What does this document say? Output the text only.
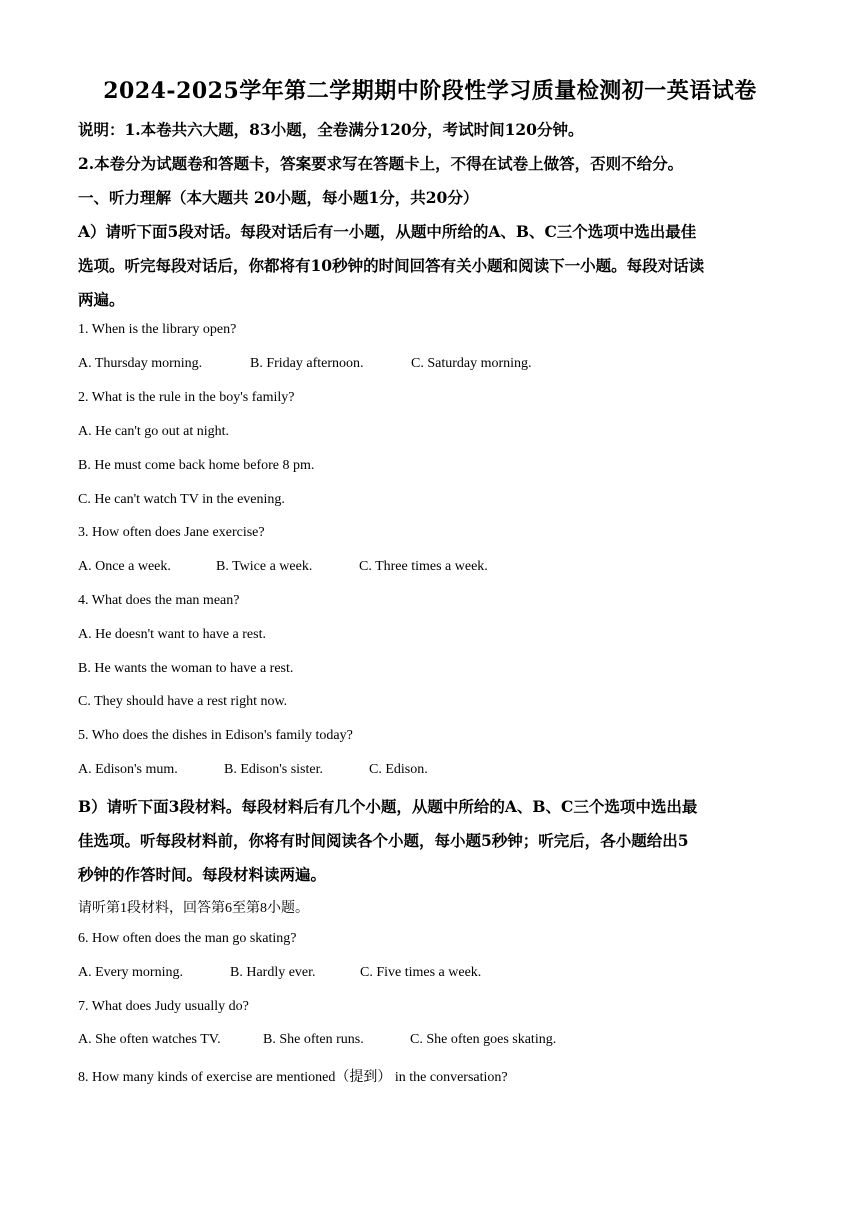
2024-2025学年第二学期期中阶段性学习质量检测初一英语试卷
说明：1.本卷共六大题，83小题，全卷满分120分，考试时间120分钟。
2.本卷分为试题卷和答题卡，答案要求写在答题卡上，不得在试卷上做答，否则不给分。
一、听力理解（本大题共 20小题，每小题1分，共20分）
A）请听下面5段对话。每段对话后有一小题，从题中所给的A、B、C三个选项中选出最佳
选项。听完每段对话后，你都将有10秒钟的时间回答有关小题和阅读下一小题。每段对话读
两遍。
1. When is the library open?
A. Thursday morning.	B. Friday afternoon.	C. Saturday morning.
2. What is the rule in the boy's family?
A. He can't go out at night.
B. He must come back home before 8 pm.
C. He can't watch TV in the evening.
3. How often does Jane exercise?
A. Once a week.	B. Twice a week.	C. Three times a week.
4. What does the man mean?
A. He doesn't want to have a rest.
B. He wants the woman to have a rest.
C. They should have a rest right now.
5. Who does the dishes in Edison's family today?
A. Edison's mum.	B. Edison's sister.	C. Edison.
B）请听下面3段材料。每段材料后有几个小题，从题中所给的A、B、C三个选项中选出最
佳选项。听每段材料前，你将有时间阅读各个小题，每小题5秒钟；听完后，各小题给出5
秒钟的作答时间。每段材料读两遍。
请听第1段材料，回答第6至第8小题。
6. How often does the man go skating?
A. Every morning.	B. Hardly ever.	C. Five times a week.
7. What does Judy usually do?
A. She often watches TV.	B. She often runs.	C. She often goes skating.
8. How many kinds of exercise are mentioned（提到） in the conversation?
